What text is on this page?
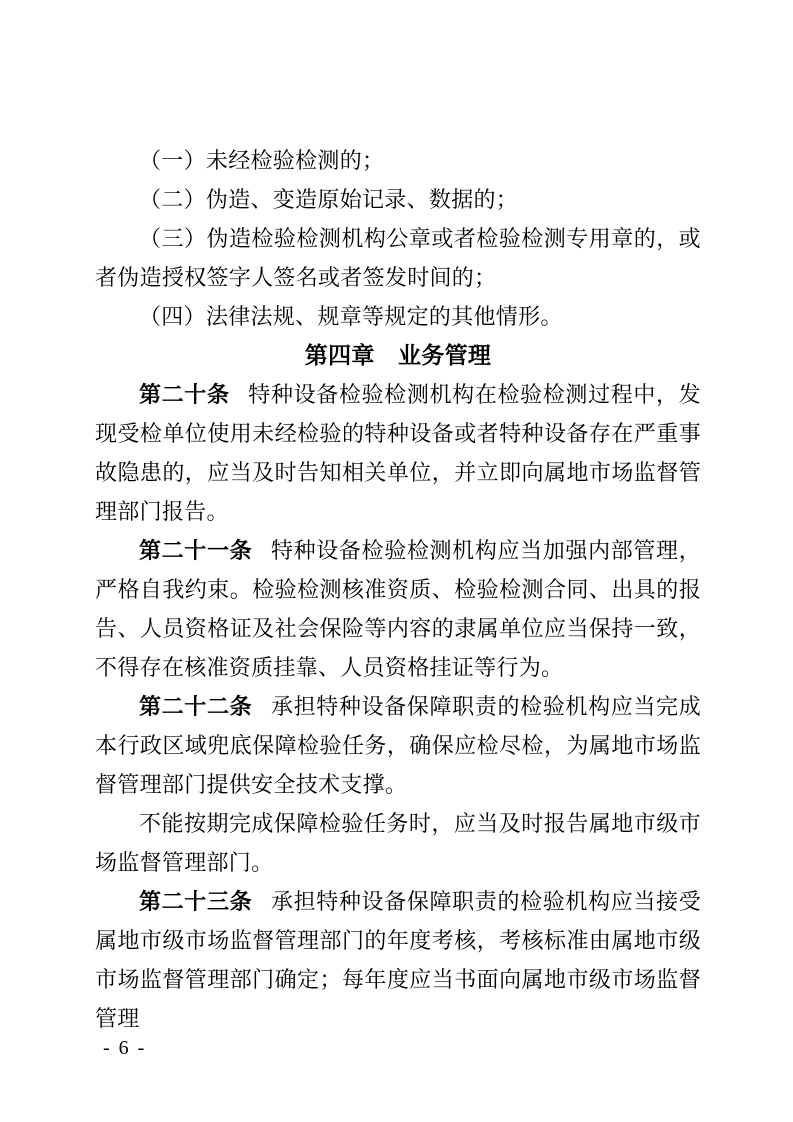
（一）未经检验检测的；

（二）伪造、变造原始记录、数据的；

（三）伪造检验检测机构公章或者检验检测专用章的，或者伪造授权签字人签名或者签发时间的；

（四）法律法规、规章等规定的其他情形。

第四章　业务管理

第二十条 特种设备检验检测机构在检验检测过程中，发现受检单位使用未经检验的特种设备或者特种设备存在严重事故隐患的，应当及时告知相关单位，并立即向属地市场监督管理部门报告。

第二十一条 特种设备检验检测机构应当加强内部管理，严格自我约束。检验检测核准资质、检验检测合同、出具的报告、人员资格证及社会保险等内容的隶属单位应当保持一致，不得存在核准资质挂靠、人员资格挂证等行为。

第二十二条 承担特种设备保障职责的检验机构应当完成本行政区域兜底保障检验任务，确保应检尽检，为属地市场监督管理部门提供安全技术支撑。

不能按期完成保障检验任务时，应当及时报告属地市级市场监督管理部门。

第二十三条 承担特种设备保障职责的检验机构应当接受属地市级市场监督管理部门的年度考核，考核标准由属地市级市场监督管理部门确定；每年度应当书面向属地市级市场监督管理

- 6 -
